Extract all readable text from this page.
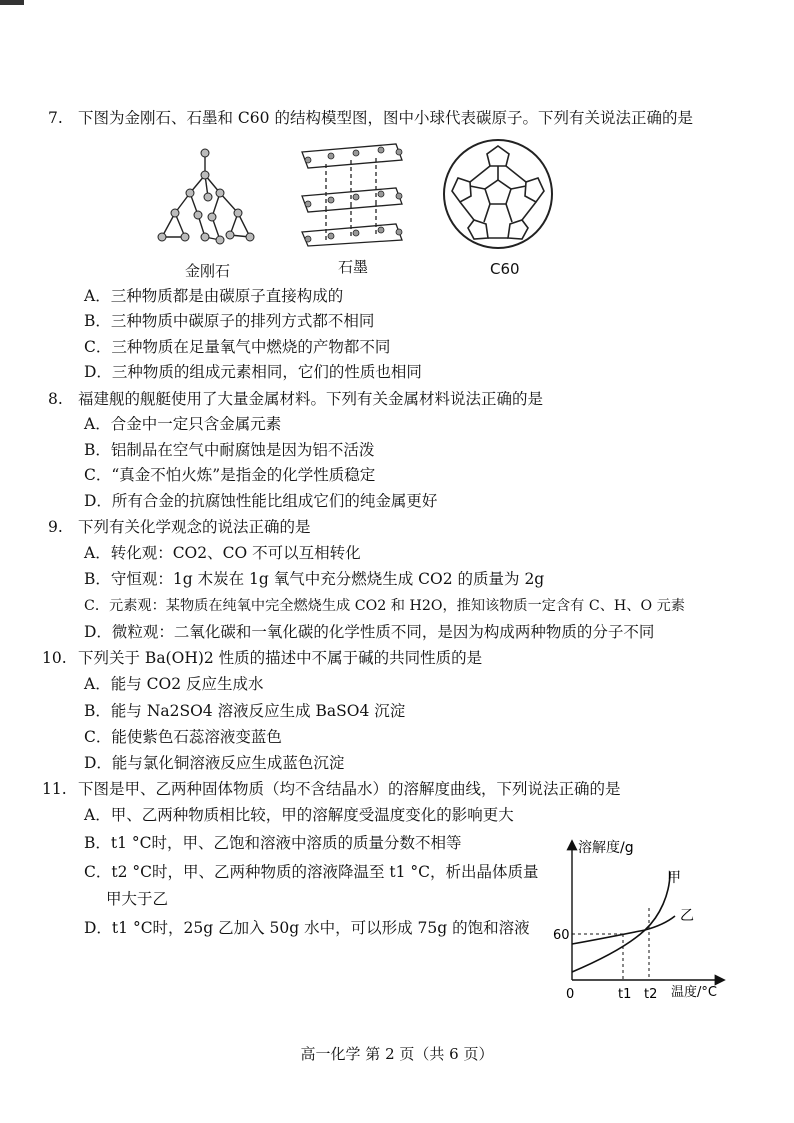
7. 下图为金刚石、石墨和 C60 的结构模型图，图中小球代表碳原子。下列有关说法正确的是
金刚石	石墨	C60
A．三种物质都是由碳原子直接构成的
B．三种物质中碳原子的排列方式都不相同
C．三种物质在足量氧气中燃烧的产物都不同
D．三种物质的组成元素相同，它们的性质也相同
8. 福建舰的舰艇使用了大量金属材料。下列有关金属材料说法正确的是
A．合金中一定只含金属元素
B．铝制品在空气中耐腐蚀是因为铝不活泼
C．“真金不怕火炼”是指金的化学性质稳定
D．所有合金的抗腐蚀性能比组成它们的纯金属更好
9. 下列有关化学观念的说法正确的是
A．转化观：CO2、CO 不可以互相转化
B．守恒观：1g 木炭在 1g 氧气中充分燃烧生成 CO2 的质量为 2g
C．元素观：某物质在纯氧中完全燃烧生成 CO2 和 H2O，推知该物质一定含有 C、H、O 元素
D．微粒观：二氧化碳和一氧化碳的化学性质不同，是因为构成两种物质的分子不同
10. 下列关于 Ba(OH)2 性质的描述中不属于碱的共同性质的是
A．能与 CO2 反应生成水
B．能与 Na2SO4 溶液反应生成 BaSO4 沉淀
C．能使紫色石蕊溶液变蓝色
D．能与氯化铜溶液反应生成蓝色沉淀
11. 下图是甲、乙两种固体物质（均不含结晶水）的溶解度曲线，下列说法正确的是
A．甲、乙两种物质相比较，甲的溶解度受温度变化的影响更大
B．t1 °C时，甲、乙饱和溶液中溶质的质量分数不相等
C．t2 °C时，甲、乙两种物质的溶液降温至 t1 °C，析出晶体质量
甲大于乙
D．t1 °C时，25g 乙加入 50g 水中，可以形成 75g 的饱和溶液
溶解度/g
温度/°C
0
60
t1 t2
甲
乙
高一化学 第 2 页（共 6 页）
